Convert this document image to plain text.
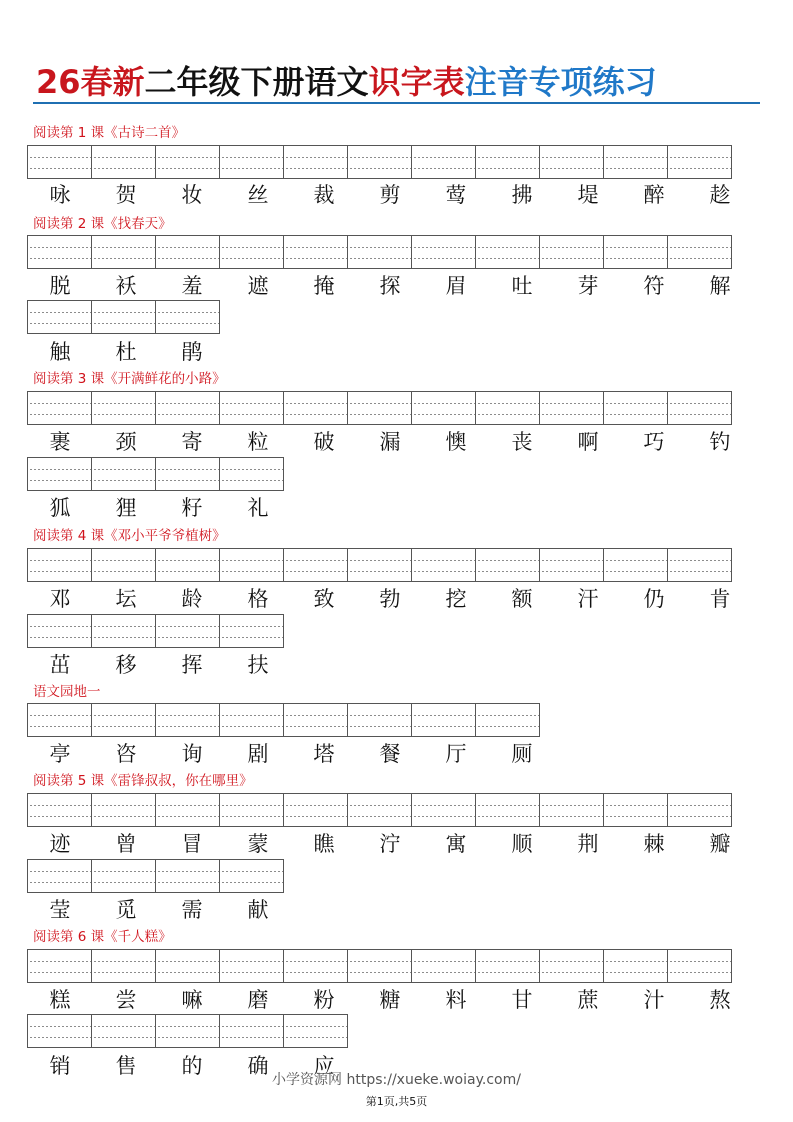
26春新二年级下册语文识字表注音专项练习
阅读第 1 课《古诗二首》
咏	贺	妆	丝	裁	剪	莺	拂	堤	醉	趁
阅读第 2 课《找春天》
脱	袄	羞	遮	掩	探	眉	吐	芽	符	解
触	杜	鹃
阅读第 3 课《开满鲜花的小路》
裹	颈	寄	粒	破	漏	懊	丧	啊	巧	钓
狐	狸	籽	礼
阅读第 4 课《邓小平爷爷植树》
邓	坛	龄	格	致	勃	挖	额	汗	仍	肯
茁	移	挥	扶
语文园地一
亭	咨	询	剧	塔	餐	厅	厕
阅读第 5 课《雷锋叔叔，你在哪里》
迹	曾	冒	蒙	瞧	泞	寓	顺	荆	棘	瓣
莹	觅	需	献
阅读第 6 课《千人糕》
糕	尝	嘛	磨	粉	糖	料	甘	蔗	汁	熬
销	售	的	确	应
小学资源网 https://xueke.woiay.com/
第1页,共5页
